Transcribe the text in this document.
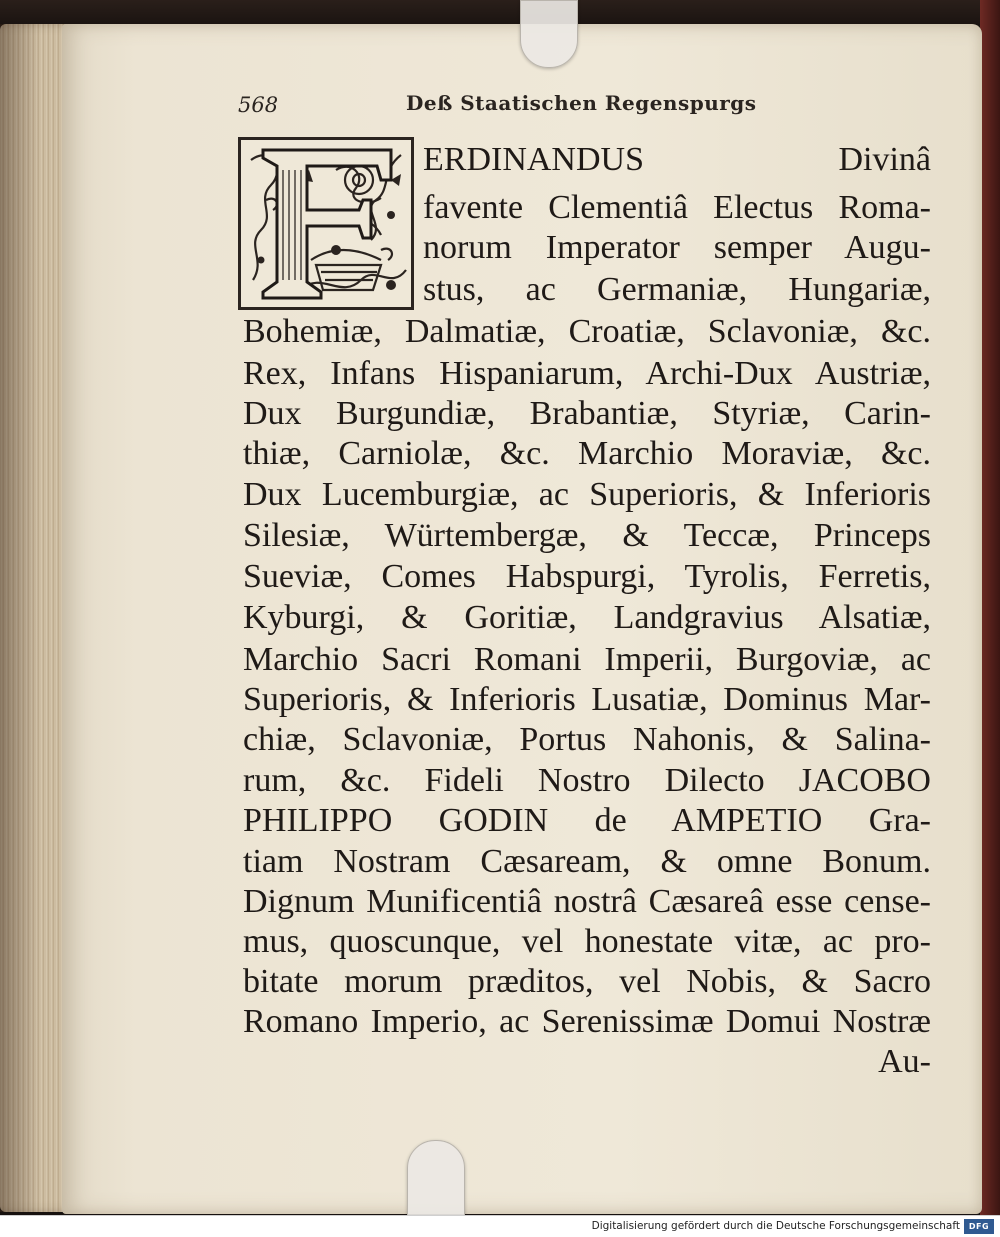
568	Deß Staatischen Regenspurgs
ERDINANDUS Divinâ
favente Clementiâ Electus Roma-
norum Imperator semper Augu-
stus, ac Germaniæ, Hungariæ,
Bohemiæ, Dalmatiæ, Croatiæ, Sclavoniæ, &c.
Rex, Infans Hispaniarum, Archi-Dux Austriæ,
Dux Burgundiæ, Brabantiæ, Styriæ, Carin-
thiæ, Carniolæ, &c. Marchio Moraviæ, &c.
Dux Lucemburgiæ, ac Superioris, & Inferioris
Silesiæ, Würtembergæ, & Teccæ, Princeps
Sueviæ, Comes Habspurgi, Tyrolis, Ferretis,
Kyburgi, & Goritiæ, Landgravius Alsatiæ,
Marchio Sacri Romani Imperii, Burgoviæ, ac
Superioris, & Inferioris Lusatiæ, Dominus Mar-
chiæ, Sclavoniæ, Portus Nahonis, & Salina-
rum, &c. Fideli Nostro Dilecto JACOBO
PHILIPPO GODIN de AMPETIO Gra-
tiam Nostram Cæsaream, & omne Bonum.
Dignum Munificentiâ nostrâ Cæsareâ esse cense-
mus, quoscunque, vel honestate vitæ, ac pro-
bitate morum præditos, vel Nobis, & Sacro
Romano Imperio, ac Serenissimæ Domui Nostræ
Au-
Digitalisierung gefördert durch die Deutsche Forschungsgemeinschaft	DFG
